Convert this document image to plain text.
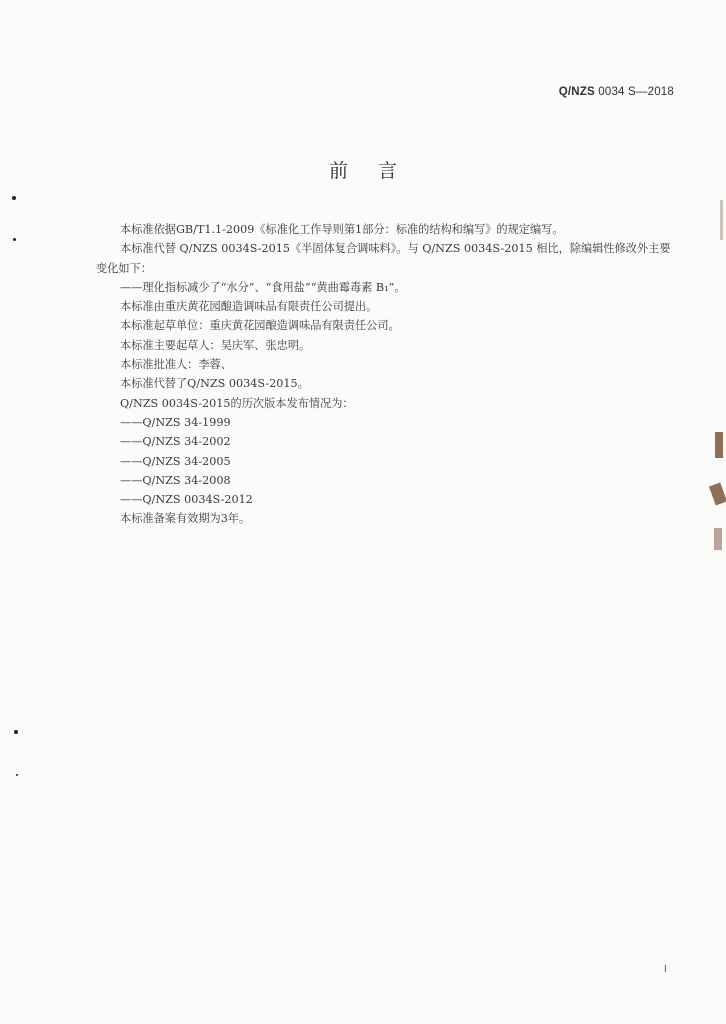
Q/NZS 0034 S—2018
前言
本标准依据GB/T1.1-2009《标准化工作导则第1部分：标准的结构和编写》的规定编写。
本标准代替 Q/NZS 0034S-2015《半固体复合调味料》。与 Q/NZS 0034S-2015 相比，除编辑性修改外主要变化如下：
——理化指标减少了“水分”、“食用盐”“黄曲霉毒素 B₁”。
本标准由重庆黄花园酿造调味品有限责任公司提出。
本标准起草单位：重庆黄花园酿造调味品有限责任公司。
本标准主要起草人：吴庆军、张忠明。
本标准批准人：李蓉、
本标准代替了Q/NZS 0034S-2015。
Q/NZS 0034S-2015的历次版本发布情况为：
——Q/NZS 34-1999
——Q/NZS 34-2002
——Q/NZS 34-2005
——Q/NZS 34-2008
——Q/NZS 0034S-2012
本标准备案有效期为3年。
I
